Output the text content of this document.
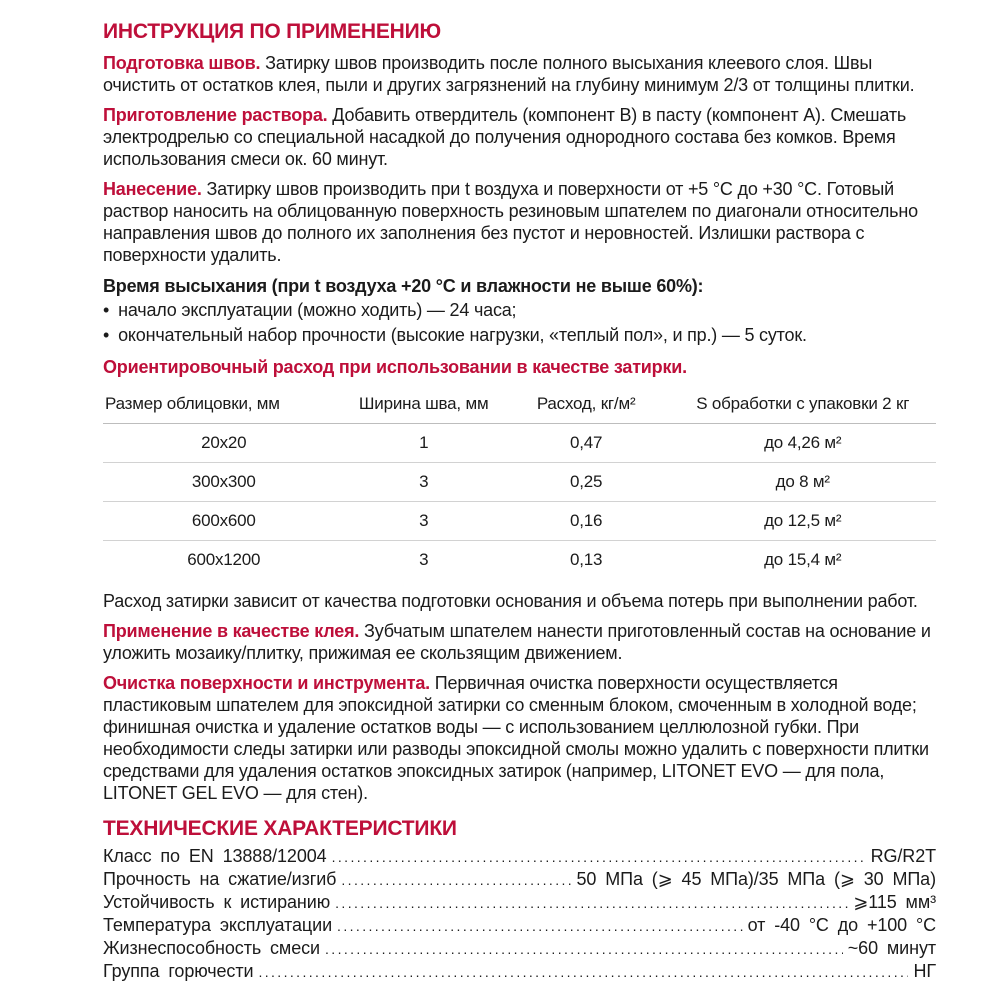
ИНСТРУКЦИЯ ПО ПРИМЕНЕНИЮ

Подготовка швов. Затирку швов производить после полного высыхания клеевого слоя. Швы очистить от остатков клея, пыли и других загрязнений на глубину минимум 2/3 от толщины плитки.

Приготовление раствора. Добавить отвердитель (компонент B) в пасту (компонент A). Смешать электродрелью со специальной насадкой до получения однородного состава без комков. Время использования смеси ок. 60 минут.

Нанесение. Затирку швов производить при t воздуха и поверхности от +5 °C до +30 °C. Готовый раствор наносить на облицованную поверхность резиновым шпателем по диагонали относительно направления швов до полного их заполнения без пустот и неровностей. Излишки раствора с поверхности удалить.

Время высыхания (при t воздуха +20 °C и влажности не выше 60%):

• начало эксплуатации (можно ходить) — 24 часа;
• окончательный набор прочности (высокие нагрузки, «теплый пол», и пр.) — 5 суток.
Ориентировочный расход при использовании в качестве затирки.
Размер облицовки, мм	Ширина шва, мм	Расход, кг/м²	S обработки с упаковки 2 кг
20x20	1	0,47	до 4,26 м²
300x300	3	0,25	до 8 м²
600x600	3	0,16	до 12,5 м²
600x1200	3	0,13	до 15,4 м²

Расход затирки зависит от качества подготовки основания и объема потерь при выполнении работ.

Применение в качестве клея. Зубчатым шпателем нанести приготовленный состав на основание и уложить мозаику/плитку, прижимая ее скользящим движением.

Очистка поверхности и инструмента. Первичная очистка поверхности осуществляется пластиковым шпателем для эпоксидной затирки со сменным блоком, смоченным в холодной воде; финишная очистка и удаление остатков воды — с использованием целлюлозной губки. При необходимости следы затирки или разводы эпоксидной смолы можно удалить с поверхности плитки средствами для удаления остатков эпоксидных затирок (например, LITONET EVO — для пола, LITONET GEL EVO — для стен).

ТЕХНИЧЕСКИЕ ХАРАКТЕРИСТИКИ
Класс по EN 13888/12004 .....	RG/R2T
Прочность на сжатие/изгиб .....	50 МПа (⩾ 45 МПа)/35 МПа (⩾ 30 МПа)
Устойчивость к истиранию .....	⩾115 мм³
Температура эксплуатации .....	от -40 °C до +100 °C
Жизнеспособность смеси .....	~60 минут
Группа горючести .....	НГ
